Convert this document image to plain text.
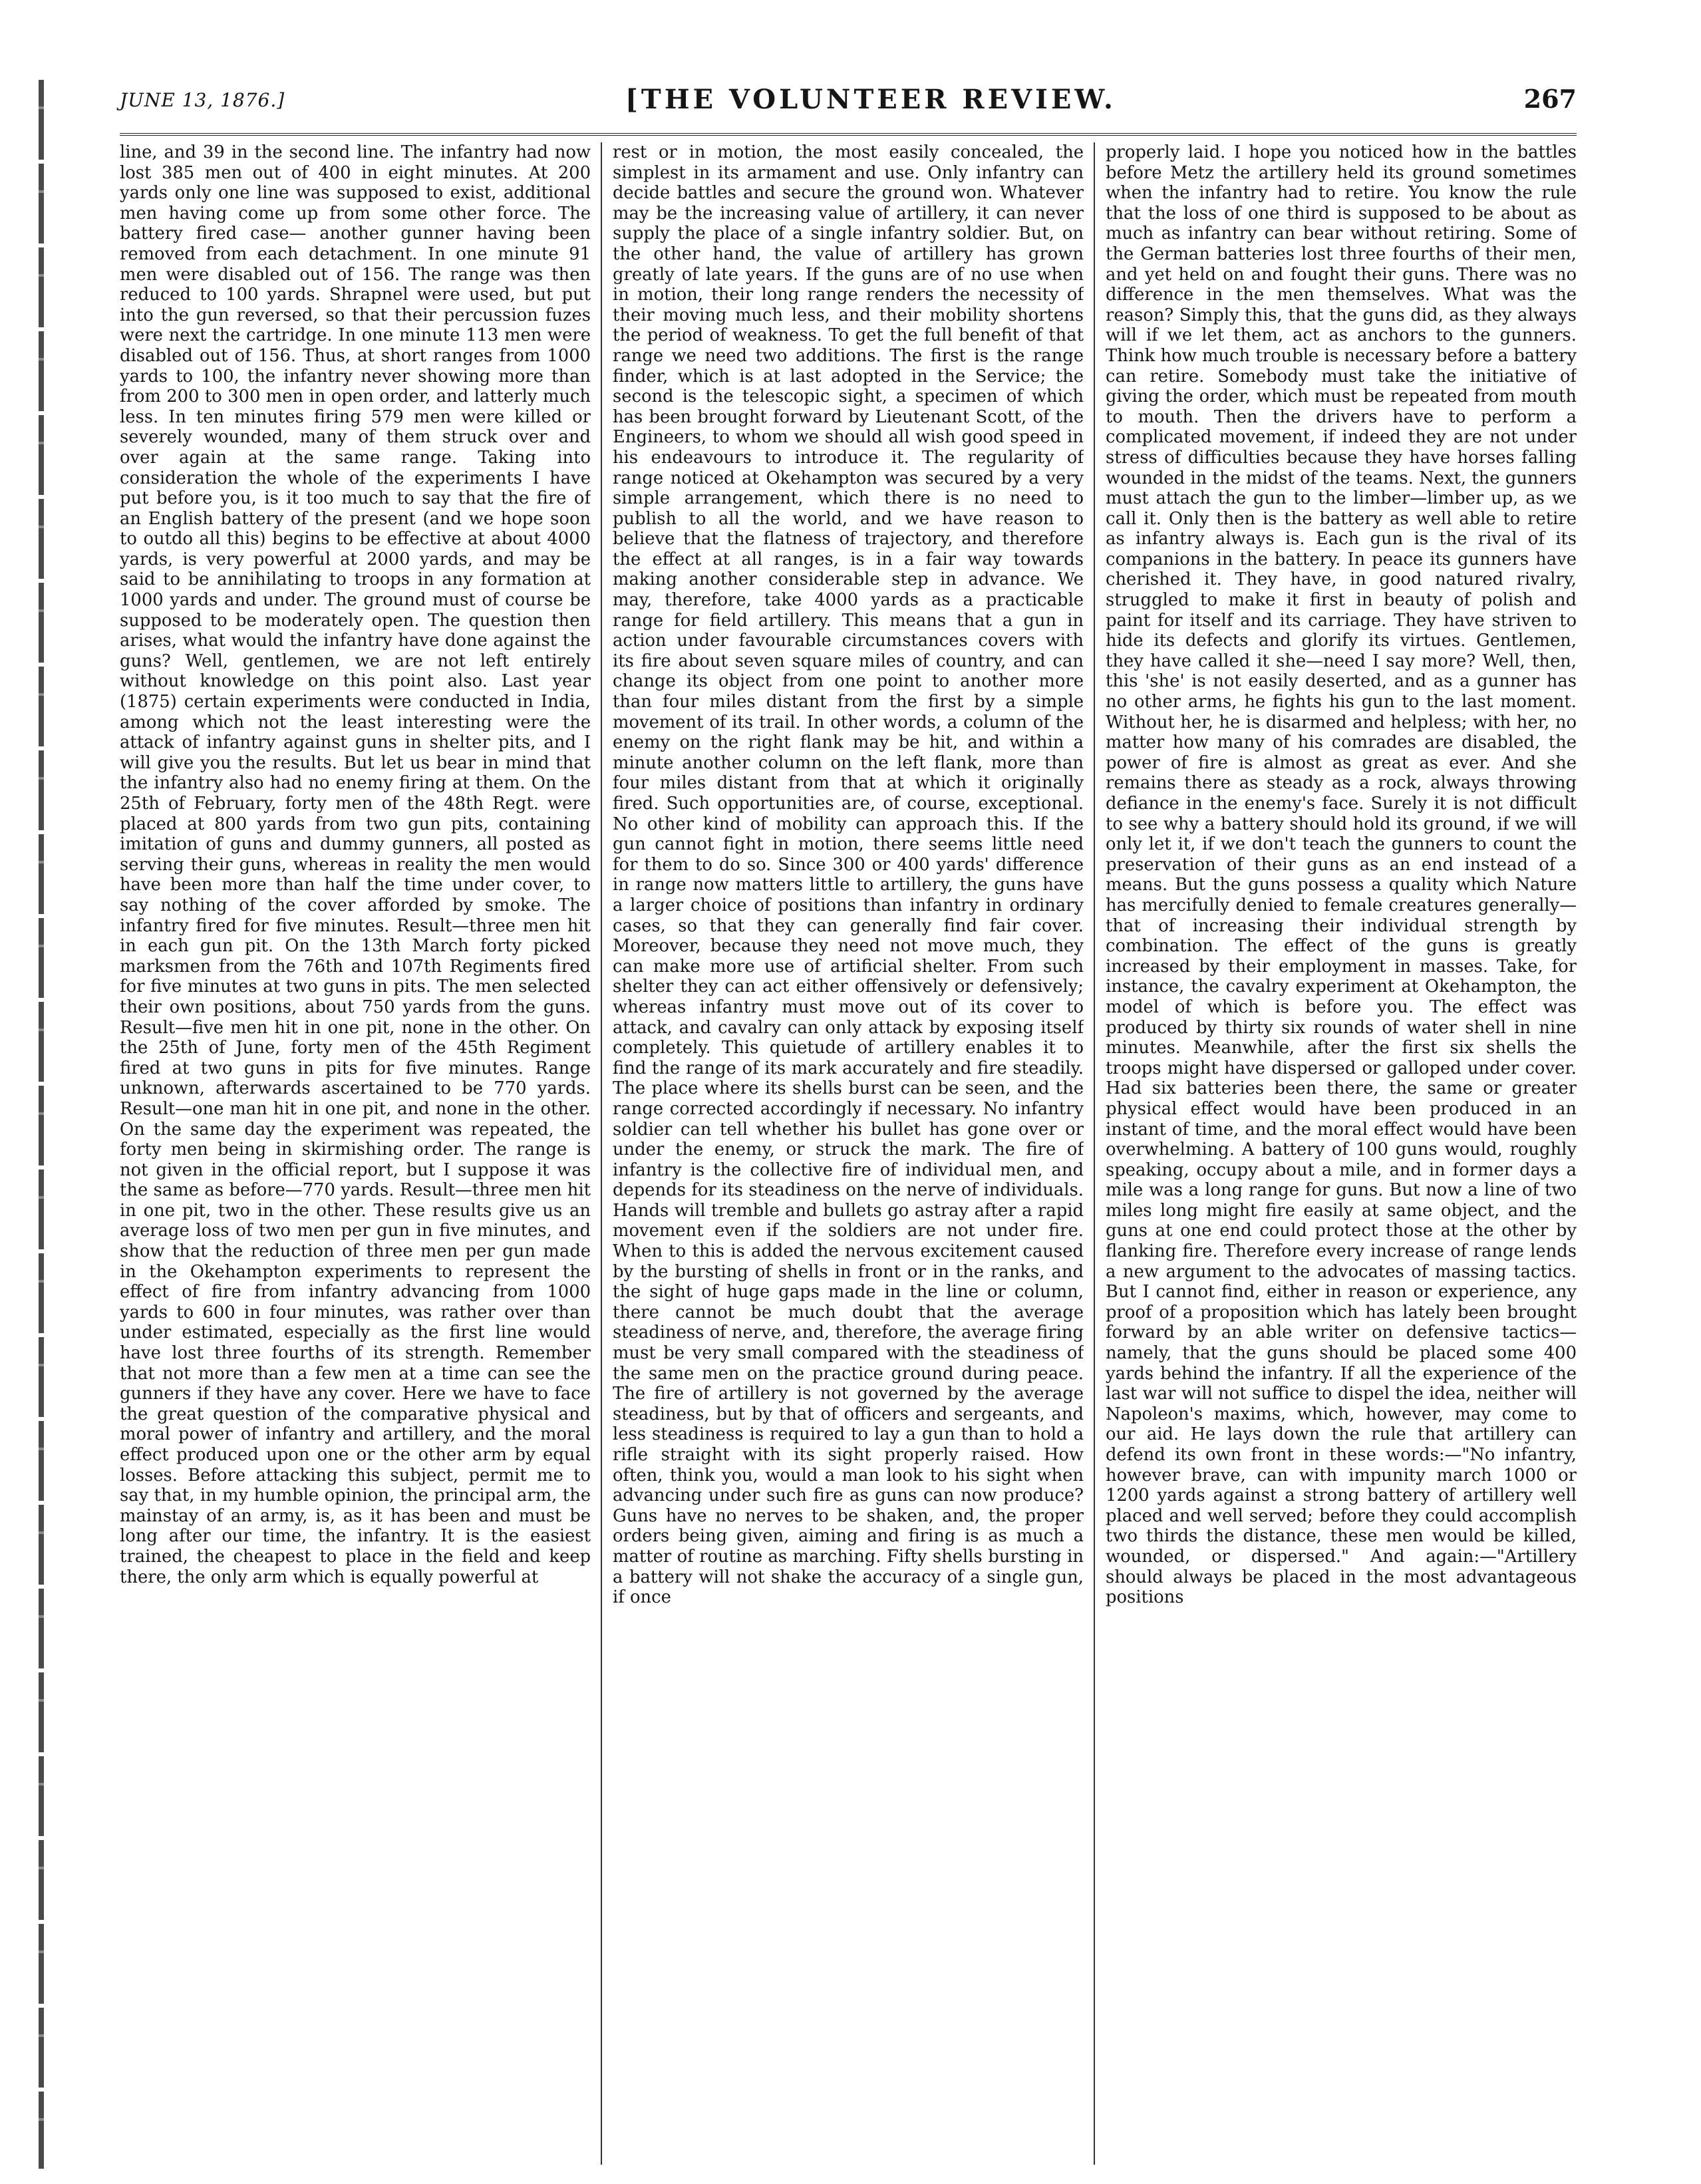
JUNE 13, 1876.]	[THE VOLUNTEER REVIEW.	267

line, and 39 in the second line. The infantry had now lost 385 men out of 400 in eight minutes. At 200 yards only one line was supposed to exist, additional men having come up from some other force. The battery fired case— another gunner having been removed from each detachment. In one minute 91 men were disabled out of 156. The range was then reduced to 100 yards. Shrapnel were used, but put into the gun reversed, so that their percussion fuzes were next the cartridge. In one minute 113 men were disabled out of 156. Thus, at short ranges from 1000 yards to 100, the infantry never showing more than from 200 to 300 men in open order, and latterly much less. In ten minutes firing 579 men were killed or severely wounded, many of them struck over and over again at the same range. Taking into consideration the whole of the experiments I have put before you, is it too much to say that the fire of an English battery of the present (and we hope soon to outdo all this) begins to be effective at about 4000 yards, is very powerful at 2000 yards, and may be said to be annihilating to troops in any formation at 1000 yards and under. The ground must of course be supposed to be moderately open. The question then arises, what would the infantry have done against the guns? Well, gentlemen, we are not left entirely without knowledge on this point also. Last year (1875) certain experiments were conducted in India, among which not the least interesting were the attack of infantry against guns in shelter pits, and I will give you the results. But let us bear in mind that the infantry also had no enemy firing at them. On the 25th of February, forty men of the 48th Regt. were placed at 800 yards from two gun pits, containing imitation of guns and dummy gunners, all posted as serving their guns, whereas in reality the men would have been more than half the time under cover, to say nothing of the cover afforded by smoke. The infantry fired for five minutes. Result—three men hit in each gun pit. On the 13th March forty picked marksmen from the 76th and 107th Regiments fired for five minutes at two guns in pits. The men selected their own positions, about 750 yards from the guns. Result—five men hit in one pit, none in the other. On the 25th of June, forty men of the 45th Regiment fired at two guns in pits for five minutes. Range unknown, afterwards ascertained to be 770 yards. Result—one man hit in one pit, and none in the other. On the same day the experiment was repeated, the forty men being in skirmishing order. The range is not given in the official report, but I suppose it was the same as before—770 yards. Result—three men hit in one pit, two in the other. These results give us an average loss of two men per gun in five minutes, and show that the reduction of three men per gun made in the Okehampton experiments to represent the effect of fire from infantry advancing from 1000 yards to 600 in four minutes, was rather over than under estimated, especially as the first line would have lost three fourths of its strength. Remember that not more than a few men at a time can see the gunners if they have any cover. Here we have to face the great question of the comparative physical and moral power of infantry and artillery, and the moral effect produced upon one or the other arm by equal losses. Before attacking this subject, permit me to say that, in my humble opinion, the principal arm, the mainstay of an army, is, as it has been and must be long after our time, the infantry. It is the easiest trained, the cheapest to place in the field and keep there, the only arm which is equally powerful at

rest or in motion, the most easily concealed, the simplest in its armament and use. Only infantry can decide battles and secure the ground won. Whatever may be the increasing value of artillery, it can never supply the place of a single infantry soldier. But, on the other hand, the value of artillery has grown greatly of late years. If the guns are of no use when in motion, their long range renders the necessity of their moving much less, and their mobility shortens the period of weakness. To get the full benefit of that range we need two additions. The first is the range finder, which is at last adopted in the Service; the second is the telescopic sight, a specimen of which has been brought forward by Lieutenant Scott, of the Engineers, to whom we should all wish good speed in his endeavours to introduce it. The regularity of range noticed at Okehampton was secured by a very simple arrangement, which there is no need to publish to all the world, and we have reason to believe that the flatness of trajectory, and therefore the effect at all ranges, is in a fair way towards making another considerable step in advance. We may, therefore, take 4000 yards as a practicable range for field artillery. This means that a gun in action under favourable circumstances covers with its fire about seven square miles of country, and can change its object from one point to another more than four miles distant from the first by a simple movement of its trail. In other words, a column of the enemy on the right flank may be hit, and within a minute another column on the left flank, more than four miles distant from that at which it originally fired. Such opportunities are, of course, exceptional. No other kind of mobility can approach this. If the gun cannot fight in motion, there seems little need for them to do so. Since 300 or 400 yards' difference in range now matters little to artillery, the guns have a larger choice of positions than infantry in ordinary cases, so that they can generally find fair cover. Moreover, because they need not move much, they can make more use of artificial shelter. From such shelter they can act either offensively or defensively; whereas infantry must move out of its cover to attack, and cavalry can only attack by exposing itself completely. This quietude of artillery enables it to find the range of its mark accurately and fire steadily. The place where its shells burst can be seen, and the range corrected accordingly if necessary. No infantry soldier can tell whether his bullet has gone over or under the enemy, or struck the mark. The fire of infantry is the collective fire of individual men, and depends for its steadiness on the nerve of individuals. Hands will tremble and bullets go astray after a rapid movement even if the soldiers are not under fire. When to this is added the nervous excitement caused by the bursting of shells in front or in the ranks, and the sight of huge gaps made in the line or column, there cannot be much doubt that the average steadiness of nerve, and, therefore, the average firing must be very small compared with the steadiness of the same men on the practice ground during peace. The fire of artillery is not governed by the average steadiness, but by that of officers and sergeants, and less steadiness is required to lay a gun than to hold a rifle straight with its sight properly raised. How often, think you, would a man look to his sight when advancing under such fire as guns can now produce? Guns have no nerves to be shaken, and, the proper orders being given, aiming and firing is as much a matter of routine as marching. Fifty shells bursting in a battery will not shake the accuracy of a single gun, if once

properly laid. I hope you noticed how in the battles before Metz the artillery held its ground sometimes when the infantry had to retire. You know the rule that the loss of one third is supposed to be about as much as infantry can bear without retiring. Some of the German batteries lost three fourths of their men, and yet held on and fought their guns. There was no difference in the men themselves. What was the reason? Simply this, that the guns did, as they always will if we let them, act as anchors to the gunners. Think how much trouble is necessary before a battery can retire. Somebody must take the initiative of giving the order, which must be repeated from mouth to mouth. Then the drivers have to perform a complicated movement, if indeed they are not under stress of difficulties because they have horses falling wounded in the midst of the teams. Next, the gunners must attach the gun to the limber—limber up, as we call it. Only then is the battery as well able to retire as infantry always is. Each gun is the rival of its companions in the battery. In peace its gunners have cherished it. They have, in good natured rivalry, struggled to make it first in beauty of polish and paint for itself and its carriage. They have striven to hide its defects and glorify its virtues. Gentlemen, they have called it she—need I say more? Well, then, this 'she' is not easily deserted, and as a gunner has no other arms, he fights his gun to the last moment. Without her, he is disarmed and helpless; with her, no matter how many of his comrades are disabled, the power of fire is almost as great as ever. And she remains there as steady as a rock, always throwing defiance in the enemy's face. Surely it is not difficult to see why a battery should hold its ground, if we will only let it, if we don't teach the gunners to count the preservation of their guns as an end instead of a means. But the guns possess a quality which Nature has mercifully denied to female creatures generally—that of increasing their individual strength by combination. The effect of the guns is greatly increased by their employment in masses. Take, for instance, the cavalry experiment at Okehampton, the model of which is before you. The effect was produced by thirty six rounds of water shell in nine minutes. Meanwhile, after the first six shells the troops might have dispersed or galloped under cover. Had six batteries been there, the same or greater physical effect would have been produced in an instant of time, and the moral effect would have been overwhelming. A battery of 100 guns would, roughly speaking, occupy about a mile, and in former days a mile was a long range for guns. But now a line of two miles long might fire easily at same object, and the guns at one end could protect those at the other by flanking fire. Therefore every increase of range lends a new argument to the advocates of massing tactics. But I cannot find, either in reason or experience, any proof of a proposition which has lately been brought forward by an able writer on defensive tactics—namely, that the guns should be placed some 400 yards behind the infantry. If all the experience of the last war will not suffice to dispel the idea, neither will Napoleon's maxims, which, however, may come to our aid. He lays down the rule that artillery can defend its own front in these words:—"No infantry, however brave, can with impunity march 1000 or 1200 yards against a strong battery of artillery well placed and well served; before they could accomplish two thirds the distance, these men would be killed, wounded, or dispersed." And again:—"Artillery should always be placed in the most advantageous positions
